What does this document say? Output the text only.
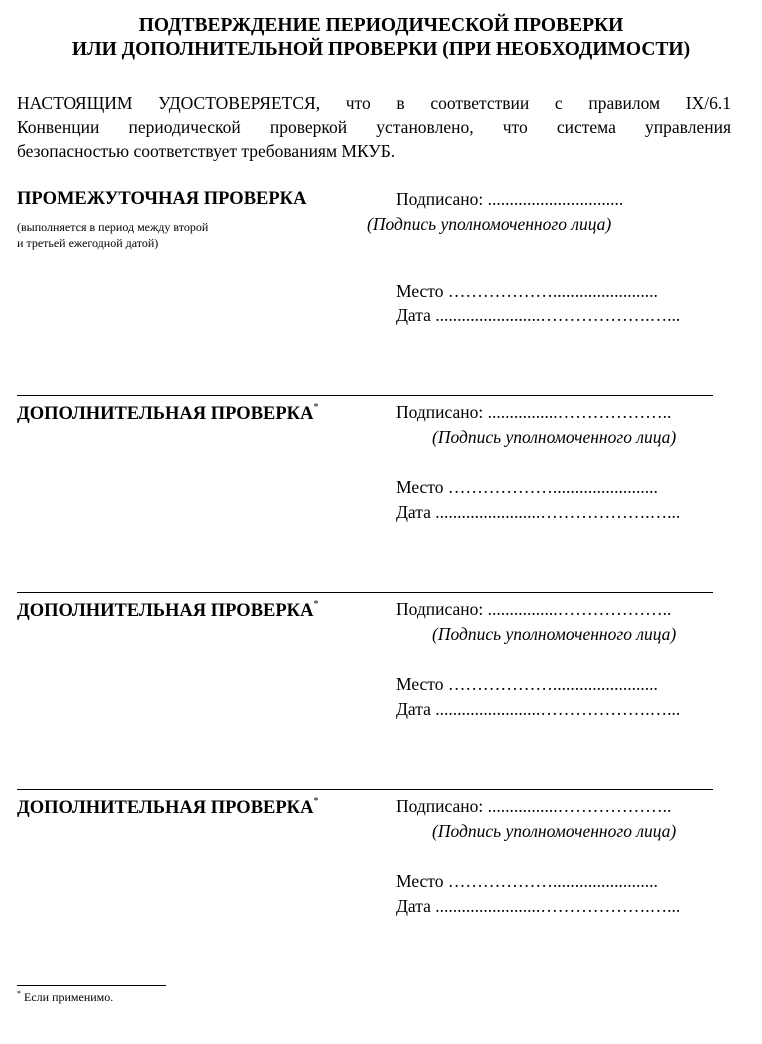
ПОДТВЕРЖДЕНИЕ ПЕРИОДИЧЕСКОЙ ПРОВЕРКИ
ИЛИ ДОПОЛНИТЕЛЬНОЙ ПРОВЕРКИ (ПРИ НЕОБХОДИМОСТИ)
НАСТОЯЩИМ УДОСТОВЕРЯЕТСЯ, что в соответствии с правилом IX/6.1
Конвенции периодической проверкой установлено, что система управления
безопасностью соответствует требованиям МКУБ.
ПРОМЕЖУТОЧНАЯ ПРОВЕРКА
(выполняется в период между второй
и третьей ежегодной датой)
Подписано: ...............................
(Подпись уполномоченного лица)
Место ………………........................
Дата ........................……………….…...
ДОПОЛНИТЕЛЬНАЯ ПРОВЕРКА*	Подписано: ................………………..
(Подпись уполномоченного лица)
Место ………………........................
Дата ........................……………….…...
ДОПОЛНИТЕЛЬНАЯ ПРОВЕРКА*	Подписано: ................………………..
(Подпись уполномоченного лица)
Место ………………........................
Дата ........................……………….…...
ДОПОЛНИТЕЛЬНАЯ ПРОВЕРКА*	Подписано: ................………………..
(Подпись уполномоченного лица)
Место ………………........................
Дата ........................……………….…...
* Если применимо.
